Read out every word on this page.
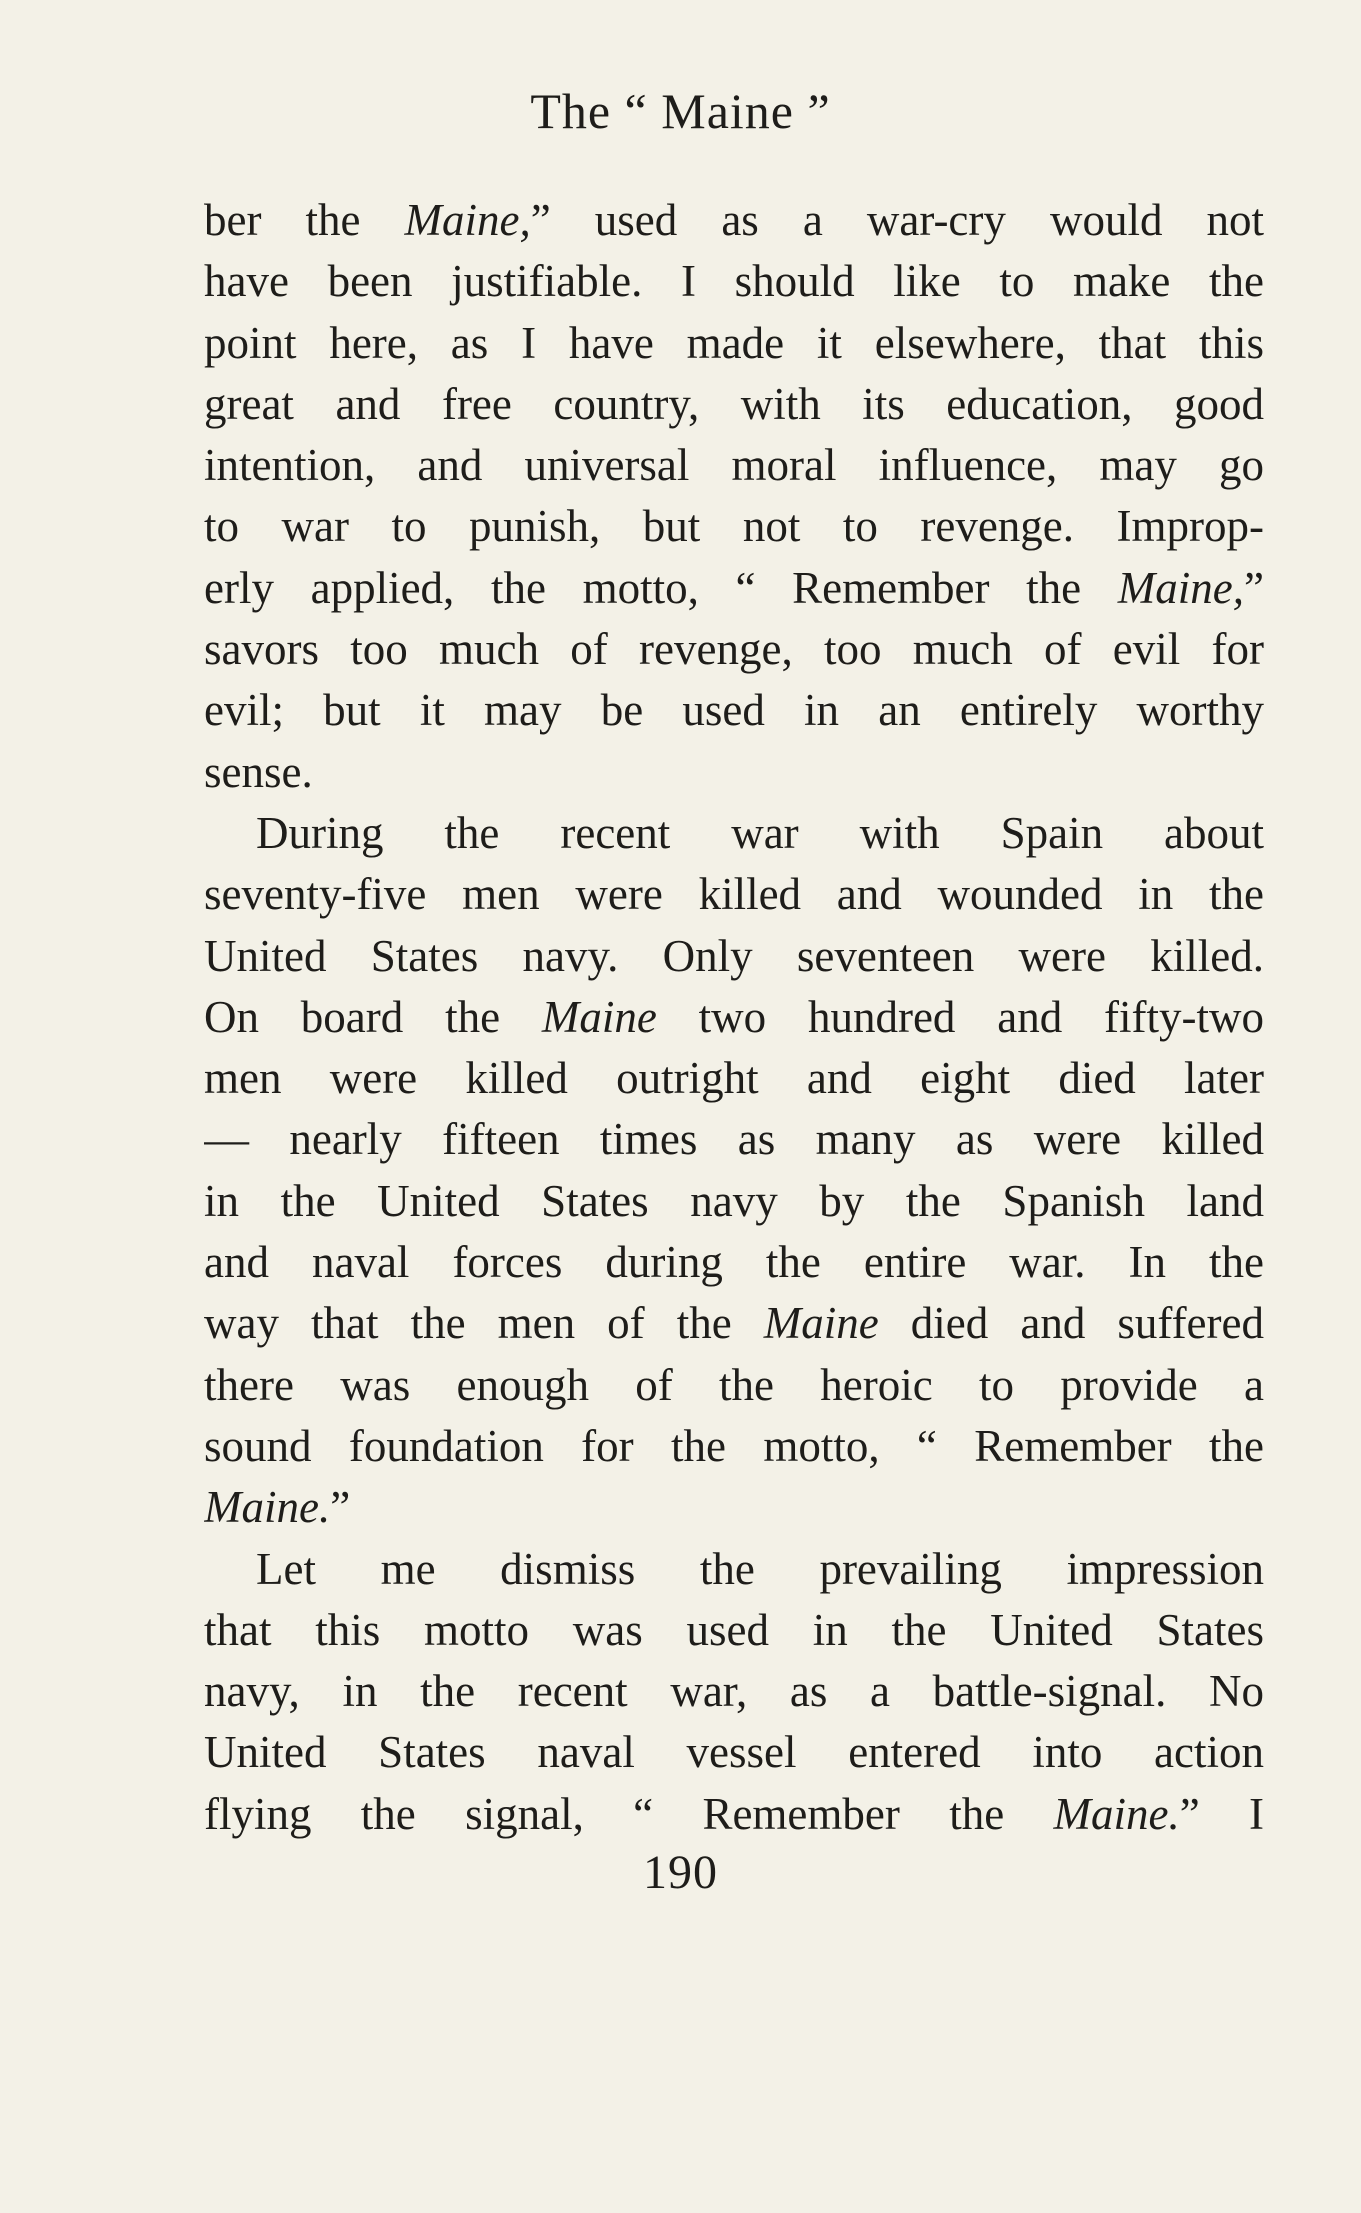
The “ Maine ”
ber the Maine,” used as a war-cry would not
have been justifiable. I should like to make the
point here, as I have made it elsewhere, that this
great and free country, with its education, good
intention, and universal moral influence, may go
to war to punish, but not to revenge. Improp-
erly applied, the motto, “ Remember the Maine,”
savors too much of revenge, too much of evil for
evil; but it may be used in an entirely worthy
sense.
During the recent war with Spain about
seventy-five men were killed and wounded in the
United States navy. Only seventeen were killed.
On board the Maine two hundred and fifty-two
men were killed outright and eight died later
— nearly fifteen times as many as were killed
in the United States navy by the Spanish land
and naval forces during the entire war. In the
way that the men of the Maine died and suffered
there was enough of the heroic to provide a
sound foundation for the motto, “ Remember the
Maine.”
Let me dismiss the prevailing impression
that this motto was used in the United States
navy, in the recent war, as a battle-signal. No
United States naval vessel entered into action
flying the signal, “ Remember the Maine.” I
190
